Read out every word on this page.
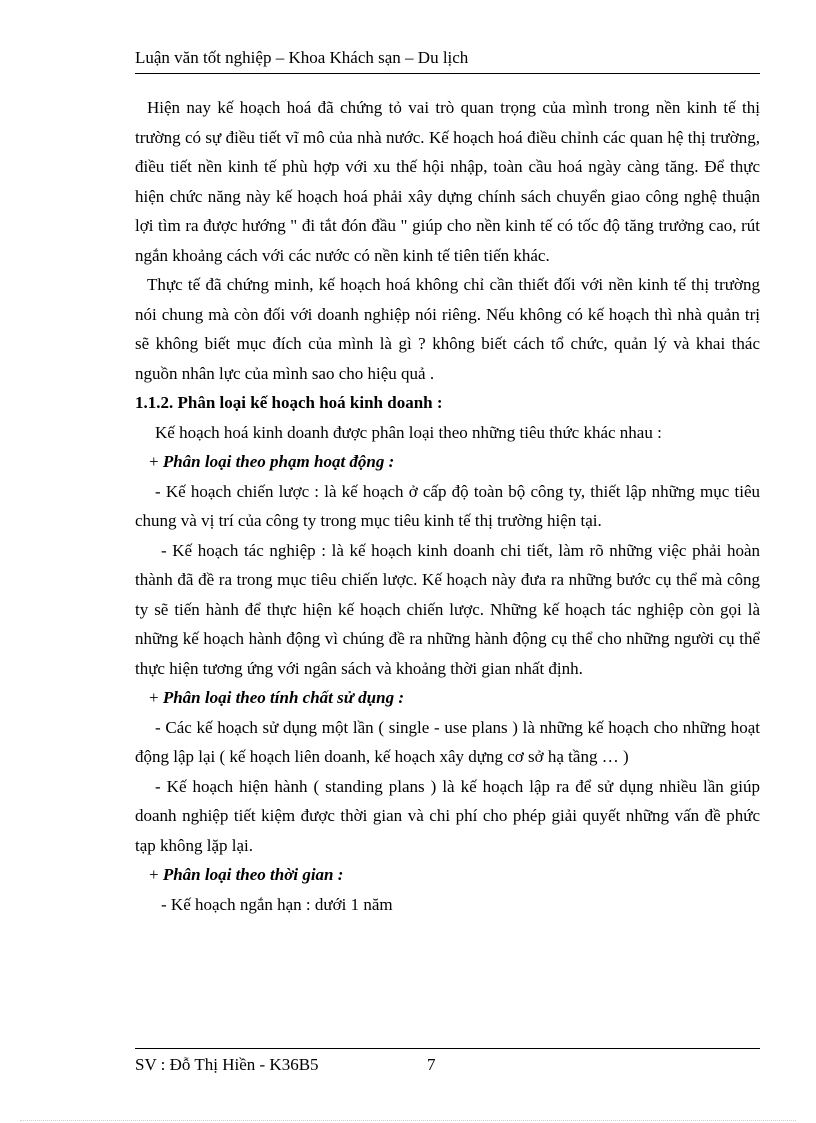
Luận văn tốt nghiệp – Khoa Khách sạn – Du lịch

Hiện nay kế hoạch hoá đã chứng tỏ vai trò quan trọng của mình trong nền kinh tế thị trường có sự điều tiết vĩ mô của nhà nước. Kế hoạch hoá điều chỉnh các quan hệ thị trường, điều tiết nền kinh tế phù hợp với xu thế hội nhập, toàn cầu hoá ngày càng tăng. Để thực hiện chức năng này kế hoạch hoá phải xây dựng chính sách chuyển giao công nghệ thuận lợi tìm ra được hướng " đi tắt đón đầu " giúp cho nền kinh tế có tốc độ tăng trưởng cao, rút ngắn khoảng cách với các nước có nền kinh tế tiên tiến khác.

Thực tế đã chứng minh, kế hoạch hoá không chỉ cần thiết đối với nền kinh tế thị trường nói chung mà còn đối với doanh nghiệp nói riêng. Nếu không có kế hoạch thì nhà quản trị sẽ không biết mục đích của mình là gì ? không biết cách tổ chức, quản lý và khai thác nguồn nhân lực của mình sao cho hiệu quả .

1.1.2. Phân loại kế hoạch hoá kinh doanh :

Kế hoạch hoá kinh doanh được phân loại theo những tiêu thức khác nhau :

+ Phân loại theo phạm hoạt động :

- Kế hoạch chiến lược : là kế hoạch ở cấp độ toàn bộ công ty, thiết lập những mục tiêu chung và vị trí của công ty trong mục tiêu kinh tế thị trường hiện tại.

- Kế hoạch tác nghiệp : là kế hoạch kinh doanh chi tiết, làm rõ những việc phải hoàn thành đã đề ra trong mục tiêu chiến lược. Kế hoạch này đưa ra những bước cụ thể mà công ty sẽ tiến hành để thực hiện kế hoạch chiến lược. Những kế hoạch tác nghiệp còn gọi là những kế hoạch hành động vì chúng đề ra những hành động cụ thể cho những người cụ thể thực hiện tương ứng với ngân sách và khoảng thời gian nhất định.

+ Phân loại theo tính chất sử dụng :

- Các kế hoạch sử dụng một lần ( single - use plans ) là những kế hoạch cho những hoạt động lập lại ( kế hoạch liên doanh, kế hoạch xây dựng cơ sở hạ tầng … )

- Kế hoạch hiện hành ( standing plans ) là kế hoạch lập ra để sử dụng nhiều lần giúp doanh nghiệp tiết kiệm được thời gian và chi phí cho phép giải quyết những vấn đề phức tạp không lặp lại.

+ Phân loại theo thời gian :

- Kế hoạch ngắn hạn : dưới 1 năm

SV : Đỗ Thị Hiền - K36B5	7
